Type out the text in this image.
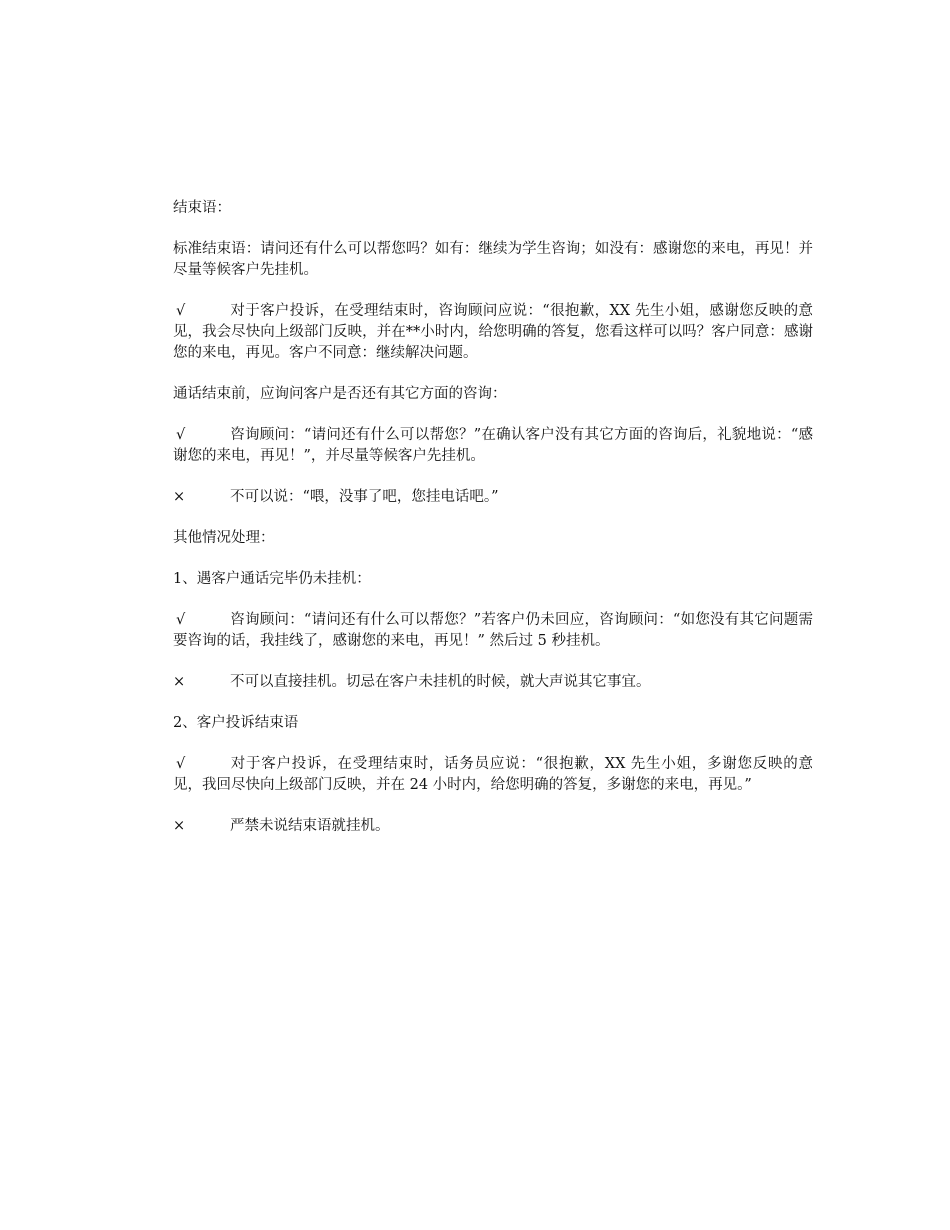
结束语：

标准结束语：请问还有什么可以帮您吗？如有：继续为学生咨询；如没有：感谢您的来电，再见！并尽量等候客户先挂机。

√	对于客户投诉，在受理结束时，咨询顾问应说：“很抱歉，XX 先生小姐，感谢您反映的意见，我会尽快向上级部门反映，并在**小时内，给您明确的答复，您看这样可以吗？客户同意：感谢您的来电，再见。客户不同意：继续解决问题。

通话结束前，应询问客户是否还有其它方面的咨询：

√	咨询顾问：“请问还有什么可以帮您？”在确认客户没有其它方面的咨询后，礼貌地说：“感谢您的来电，再见！”，并尽量等候客户先挂机。

×	不可以说：“喂，没事了吧，您挂电话吧。”

其他情况处理：

1、遇客户通话完毕仍未挂机：

√	咨询顾问：“请问还有什么可以帮您？”若客户仍未回应，咨询顾问：“如您没有其它问题需要咨询的话，我挂线了，感谢您的来电，再见！” 然后过 5 秒挂机。

×	不可以直接挂机。切忌在客户未挂机的时候，就大声说其它事宜。

2、客户投诉结束语

√	对于客户投诉，在受理结束时，话务员应说：“很抱歉，XX 先生小姐，多谢您反映的意见，我回尽快向上级部门反映，并在 24 小时内，给您明确的答复，多谢您的来电，再见。”

×	严禁未说结束语就挂机。
